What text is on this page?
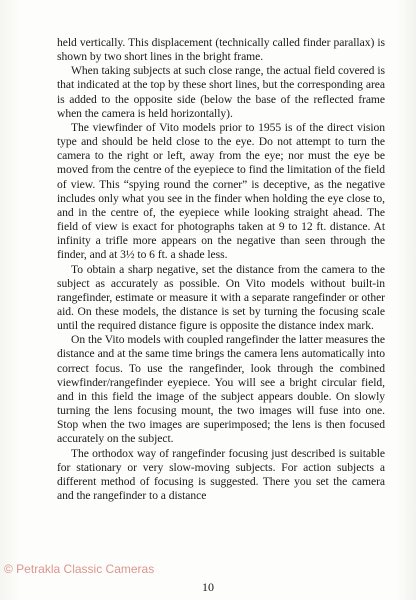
held vertically. This displacement (technically called finder parallax) is shown by two short lines in the bright frame.

When taking subjects at such close range, the actual field covered is that indicated at the top by these short lines, but the corresponding area is added to the opposite side (below the base of the reflected frame when the camera is held horizontally).

The viewfinder of Vito models prior to 1955 is of the direct vision type and should be held close to the eye. Do not attempt to turn the camera to the right or left, away from the eye; nor must the eye be moved from the centre of the eyepiece to find the limitation of the field of view. This “spying round the corner” is deceptive, as the negative includes only what you see in the finder when holding the eye close to, and in the centre of, the eyepiece while looking straight ahead. The field of view is exact for photographs taken at 9 to 12 ft. distance. At infinity a trifle more appears on the negative than seen through the finder, and at 3½ to 6 ft. a shade less.

To obtain a sharp negative, set the distance from the camera to the subject as accurately as possible. On Vito models without built-in rangefinder, estimate or measure it with a separate rangefinder or other aid. On these models, the distance is set by turning the focusing scale until the required distance figure is opposite the distance index mark.

On the Vito models with coupled rangefinder the latter measures the distance and at the same time brings the camera lens automatically into correct focus. To use the rangefinder, look through the combined viewfinder/rangefinder eyepiece. You will see a bright circular field, and in this field the image of the subject appears double. On slowly turning the lens focusing mount, the two images will fuse into one. Stop when the two images are superimposed; the lens is then focused accurately on the subject.

The orthodox way of rangefinder focusing just described is suitable for stationary or very slow-moving subjects. For action subjects a different method of focusing is suggested. There you set the camera and the rangefinder to a distance

© Petrakla Classic Cameras
10
